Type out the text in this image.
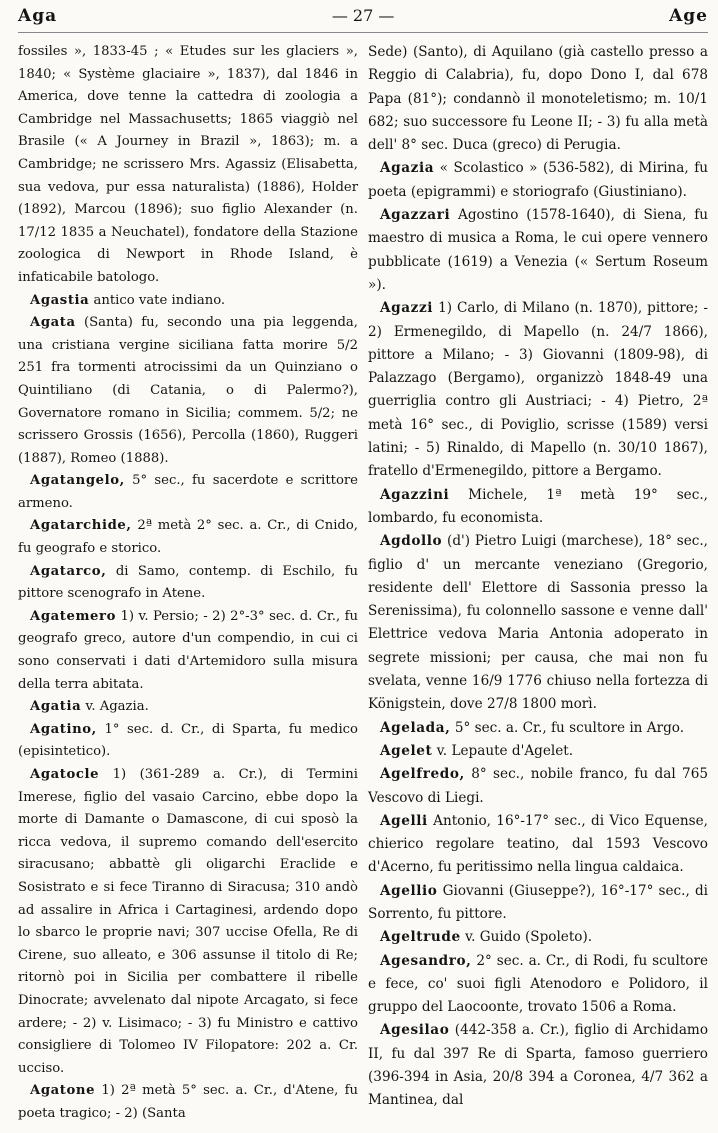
Aga	— 27 —	Age

fossiles », 1833-45 ; « Etudes sur les glaciers », 1840; « Système glaciaire », 1837), dal 1846 in America, dove tenne la cattedra di zoologia a Cambridge nel Massachusetts; 1865 viaggiò nel Brasile (« A Journey in Brazil », 1863); m. a Cambridge; ne scrissero Mrs. Agassiz (Elisabetta, sua vedova, pur essa naturalista) (1886), Holder (1892), Marcou (1896); suo figlio Alexander (n. 17/12 1835 a Neuchatel), fondatore della Stazione zoologica di Newport in Rhode Island, è infaticabile batologo.

Agastia antico vate indiano.

Agata (Santa) fu, secondo una pia leggenda, una cristiana vergine siciliana fatta morire 5/2 251 fra tormenti atrocissimi da un Quinziano o Quintiliano (di Catania, o di Palermo?), Governatore romano in Sicilia; commem. 5/2; ne scrissero Grossis (1656), Percolla (1860), Ruggeri (1887), Romeo (1888).

Agatangelo, 5° sec., fu sacerdote e scrittore armeno.

Agatarchide, 2ª metà 2° sec. a. Cr., di Cnido, fu geografo e storico.

Agatarco, di Samo, contemp. di Eschilo, fu pittore scenografo in Atene.

Agatemero 1) v. Persio; - 2) 2°-3° sec. d. Cr., fu geografo greco, autore d'un compendio, in cui ci sono conservati i dati d'Artemidoro sulla misura della terra abitata.

Agatia v. Agazia.

Agatino, 1° sec. d. Cr., di Sparta, fu medico (episintetico).

Agatocle 1) (361-289 a. Cr.), di Termini Imerese, figlio del vasaio Carcino, ebbe dopo la morte di Damante o Damascone, di cui sposò la ricca vedova, il supremo comando dell'esercito siracusano; abbattè gli oligarchi Eraclide e Sosistrato e si fece Tiranno di Siracusa; 310 andò ad assalire in Africa i Cartaginesi, ardendo dopo lo sbarco le proprie navi; 307 uccise Ofella, Re di Cirene, suo alleato, e 306 assunse il titolo di Re; ritornò poi in Sicilia per combattere il ribelle Dinocrate; avvelenato dal nipote Arcagato, si fece ardere; - 2) v. Lisimaco; - 3) fu Ministro e cattivo consigliere di Tolomeo IV Filopatore: 202 a. Cr. ucciso.

Agatone 1) 2ª metà 5° sec. a. Cr., d'Atene, fu poeta tragico; - 2) (Santa

Sede) (Santo), di Aquilano (già castello presso a Reggio di Calabria), fu, dopo Dono I, dal 678 Papa (81°); condannò il monoteletismo; m. 10/1 682; suo successore fu Leone II; - 3) fu alla metà dell' 8° sec. Duca (greco) di Perugia.

Agazia « Scolastico » (536-582), di Mirina, fu poeta (epigrammi) e storiografo (Giustiniano).

Agazzari Agostino (1578-1640), di Siena, fu maestro di musica a Roma, le cui opere vennero pubblicate (1619) a Venezia (« Sertum Roseum »).

Agazzi 1) Carlo, di Milano (n. 1870), pittore; - 2) Ermenegildo, di Mapello (n. 24/7 1866), pittore a Milano; - 3) Giovanni (1809-98), di Palazzago (Bergamo), organizzò 1848-49 una guerriglia contro gli Austriaci; - 4) Pietro, 2ª metà 16° sec., di Poviglio, scrisse (1589) versi latini; - 5) Rinaldo, di Mapello (n. 30/10 1867), fratello d'Ermenegildo, pittore a Bergamo.

Agazzini Michele, 1ª metà 19° sec., lombardo, fu economista.

Agdollo (d') Pietro Luigi (marchese), 18° sec., figlio d' un mercante veneziano (Gregorio, residente dell' Elettore di Sassonia presso la Serenissima), fu colonnello sassone e venne dall' Elettrice vedova Maria Antonia adoperato in segrete missioni; per causa, che mai non fu svelata, venne 16/9 1776 chiuso nella fortezza di Königstein, dove 27/8 1800 morì.

Ageladа, 5° sec. a. Cr., fu scultore in Argo.

Agelet v. Lepaute d'Agelet.

Agelfredo, 8° sec., nobile franco, fu dal 765 Vescovo di Liegi.

Agelli Antonio, 16°-17° sec., di Vico Equense, chierico regolare teatino, dal 1593 Vescovo d'Acerno, fu peritissimo nella lingua caldaica.

Agellio Giovanni (Giuseppe?), 16°-17° sec., di Sorrento, fu pittore.

Ageltrude v. Guido (Spoleto).

Agesandro, 2° sec. a. Cr., di Rodi, fu scultore e fece, co' suoi figli Atenodoro e Polidoro, il gruppo del Laocoonte, trovato 1506 a Roma.

Agesilao (442-358 a. Cr.), figlio di Archidamo II, fu dal 397 Re di Sparta, famoso guerriero (396-394 in Asia, 20/8 394 a Coronea, 4/7 362 a Mantinea, dal
